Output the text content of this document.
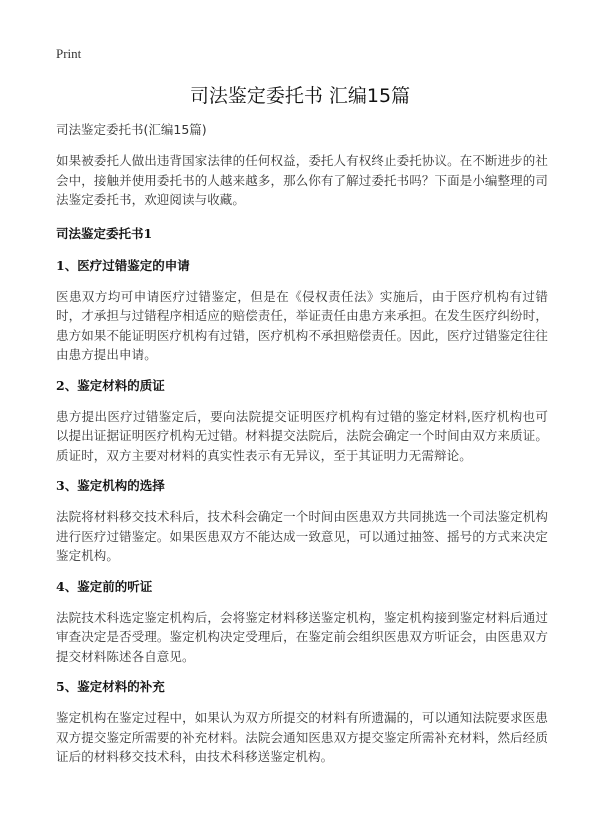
Print
司法鉴定委托书 汇编15篇
司法鉴定委托书(汇编15篇)

如果被委托人做出违背国家法律的任何权益，委托人有权终止委托协议。在不断进步的社会中，接触并使用委托书的人越来越多，那么你有了解过委托书吗？下面是小编整理的司法鉴定委托书，欢迎阅读与收藏。

司法鉴定委托书1
1、医疗过错鉴定的申请

医患双方均可申请医疗过错鉴定，但是在《侵权责任法》实施后，由于医疗机构有过错时，才承担与过错程序相适应的赔偿责任，举证责任由患方来承担。在发生医疗纠纷时，患方如果不能证明医疗机构有过错，医疗机构不承担赔偿责任。因此，医疗过错鉴定往往由患方提出申请。

2、鉴定材料的质证

患方提出医疗过错鉴定后，要向法院提交证明医疗机构有过错的鉴定材料,医疗机构也可以提出证据证明医疗机构无过错。材料提交法院后，法院会确定一个时间由双方来质证。质证时，双方主要对材料的真实性表示有无异议，至于其证明力无需辩论。

3、鉴定机构的选择

法院将材料移交技术科后，技术科会确定一个时间由医患双方共同挑选一个司法鉴定机构进行医疗过错鉴定。如果医患双方不能达成一致意见，可以通过抽签、摇号的方式来决定鉴定机构。

4、鉴定前的听证

法院技术科选定鉴定机构后，会将鉴定材料移送鉴定机构，鉴定机构接到鉴定材料后通过审查决定是否受理。鉴定机构决定受理后，在鉴定前会组织医患双方听证会，由医患双方提交材料陈述各自意见。

5、鉴定材料的补充

鉴定机构在鉴定过程中，如果认为双方所提交的材料有所遗漏的，可以通知法院要求医患双方提交鉴定所需要的补充材料。法院会通知医患双方提交鉴定所需补充材料，然后经质证后的材料移交技术科，由技术科移送鉴定机构。
